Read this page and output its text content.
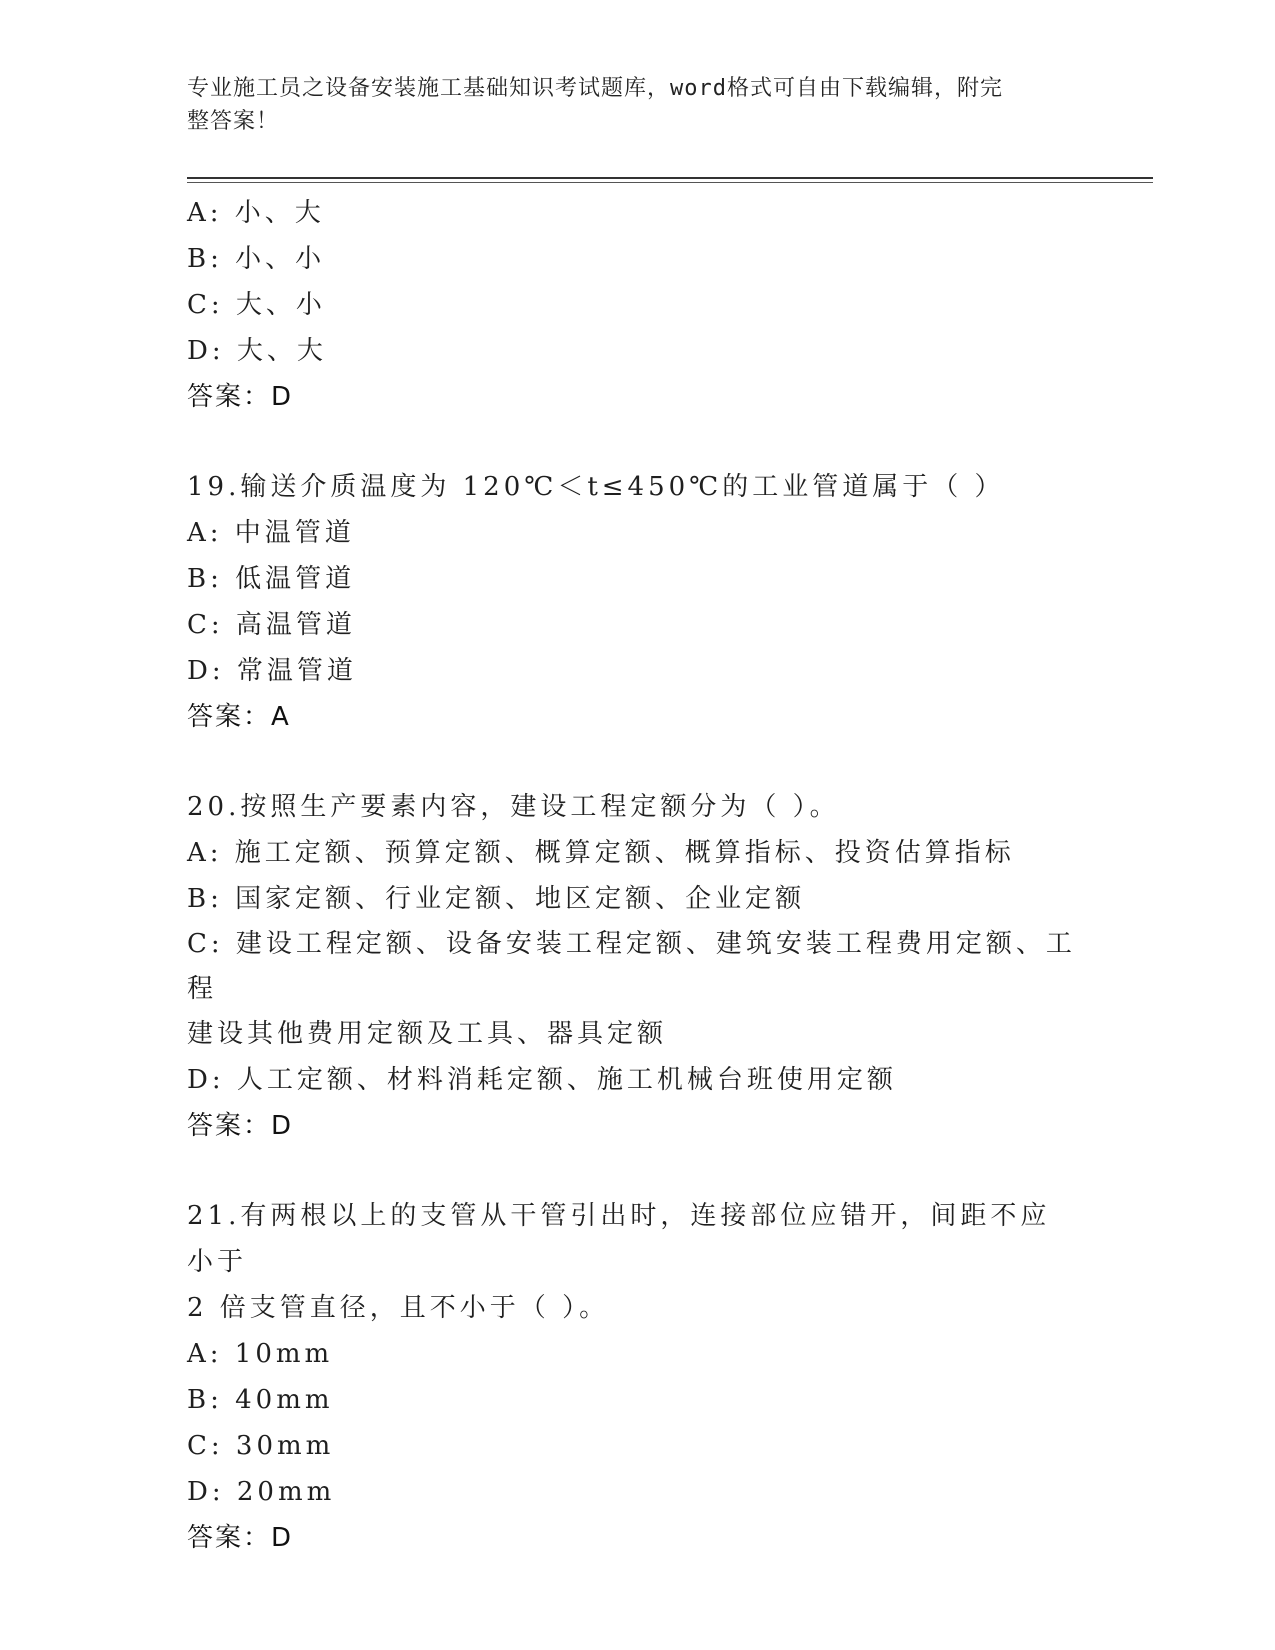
专业施工员之设备安装施工基础知识考试题库，word格式可自由下载编辑，附完
整答案！
A: 小、大
B: 小、小
C: 大、小
D: 大、大
答案：D
19.输送介质温度为 120℃＜t≤450℃的工业管道属于（ ）
A: 中温管道
B: 低温管道
C: 高温管道
D: 常温管道
答案：A
20.按照生产要素内容，建设工程定额分为（ ）。
A: 施工定额、预算定额、概算定额、概算指标、投资估算指标
B: 国家定额、行业定额、地区定额、企业定额
C: 建设工程定额、设备安装工程定额、建筑安装工程费用定额、工程
建设其他费用定额及工具、器具定额
D: 人工定额、材料消耗定额、施工机械台班使用定额
答案：D
21.有两根以上的支管从干管引出时，连接部位应错开，间距不应小于
2 倍支管直径，且不小于（ ）。
A: 10mm
B: 40mm
C: 30mm
D: 20mm
答案：D
